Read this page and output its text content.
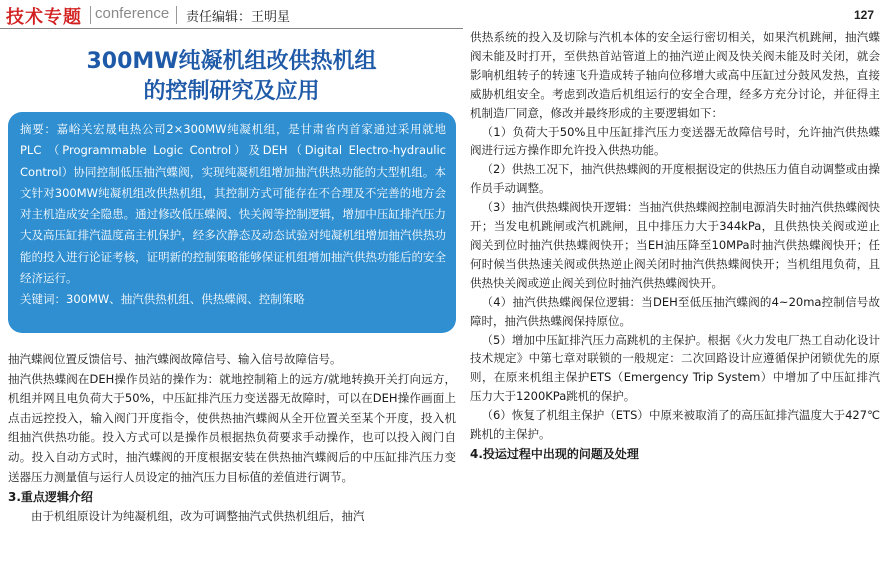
技术专题 conference 责任编辑：王明星	127
300MW纯凝机组改供热机组
的控制研究及应用

摘要：嘉峪关宏晟电热公司2×300MW纯凝机组，是甘肃省内首家通过采用就地PLC （Programmable Logic Control）及DEH（Digital Electro-hydraulic Control）协同控制低压抽汽蝶阀，实现纯凝机组增加抽汽供热功能的大型机组。本文针对300MW纯凝机组改供热机组，其控制方式可能存在不合理及不完善的地方会对主机造成安全隐患。通过修改低压蝶阀、快关阀等控制逻辑，增加中压缸排汽压力大及高压缸排汽温度高主机保护，经多次静态及动态试验对纯凝机组增加抽汽供热功能的投入进行论证考核，证明新的控制策略能够保证机组增加抽汽供热功能后的安全经济运行。

关键词：300MW、抽汽供热机组、供热蝶阀、控制策略

抽汽蝶阀位置反馈信号、抽汽蝶阀故障信号、输入信号故障信号。

抽汽供热蝶阀在DEH操作员站的操作为：就地控制箱上的远方/就地转换开关打向远方，机组并网且电负荷大于50%，中压缸排汽压力变送器无故障时，可以在DEH操作画面上点击远控投入，输入阀门开度指令，使供热抽汽蝶阀从全开位置关至某个开度，投入机组抽汽供热功能。投入方式可以是操作员根据热负荷要求手动操作，也可以投入阀门自动。投入自动方式时，抽汽蝶阀的开度根据安装在供热抽汽蝶阀后的中压缸排汽压力变送器压力测量值与运行人员设定的抽汽压力目标值的差值进行调节。

3.重点逻辑介绍

由于机组原设计为纯凝机组，改为可调整抽汽式供热机组后，抽汽

供热系统的投入及切除与汽机本体的安全运行密切相关，如果汽机跳闸，抽汽蝶阀未能及时打开，至供热首站管道上的抽汽逆止阀及快关阀未能及时关闭，就会影响机组转子的转速飞升造成转子轴向位移增大或高中压缸过分鼓风发热，直接威胁机组安全。考虑到改造后机组运行的安全合理，经多方充分讨论，并征得主机制造厂同意，修改并最终形成的主要逻辑如下：

（1）负荷大于50%且中压缸排汽压力变送器无故障信号时，允许抽汽供热蝶阀进行远方操作即允许投入供热功能。

（2）供热工况下，抽汽供热蝶阀的开度根据设定的供热压力值自动调整或由操作员手动调整。

（3）抽汽供热蝶阀快开逻辑：当抽汽供热蝶阀控制电源消失时抽汽供热蝶阀快开；当发电机跳闸或汽机跳闸，且中排压力大于344kPa，且供热快关阀或逆止阀关到位时抽汽供热蝶阀快开；当EH油压降至10MPa时抽汽供热蝶阀快开；任何时候当供热速关阀或供热逆止阀关闭时抽汽供热蝶阀快开；当机组甩负荷，且供热快关阀或逆止阀关到位时抽汽供热蝶阀快开。

（4）抽汽供热蝶阀保位逻辑：当DEH至低压抽汽蝶阀的4~20ma控制信号故障时，抽汽供热蝶阀保持原位。

（5）增加中压缸排汽压力高跳机的主保护。根据《火力发电厂热工自动化设计技术规定》中第七章对联锁的一般规定：二次回路设计应遵循保护闭锁优先的原则，在原来机组主保护ETS（Emergency Trip System）中增加了中压缸排汽压力大于1200KPa跳机的保护。

（6）恢复了机组主保护（ETS）中原来被取消了的高压缸排汽温度大于427℃跳机的主保护。

4.投运过程中出现的问题及处理
